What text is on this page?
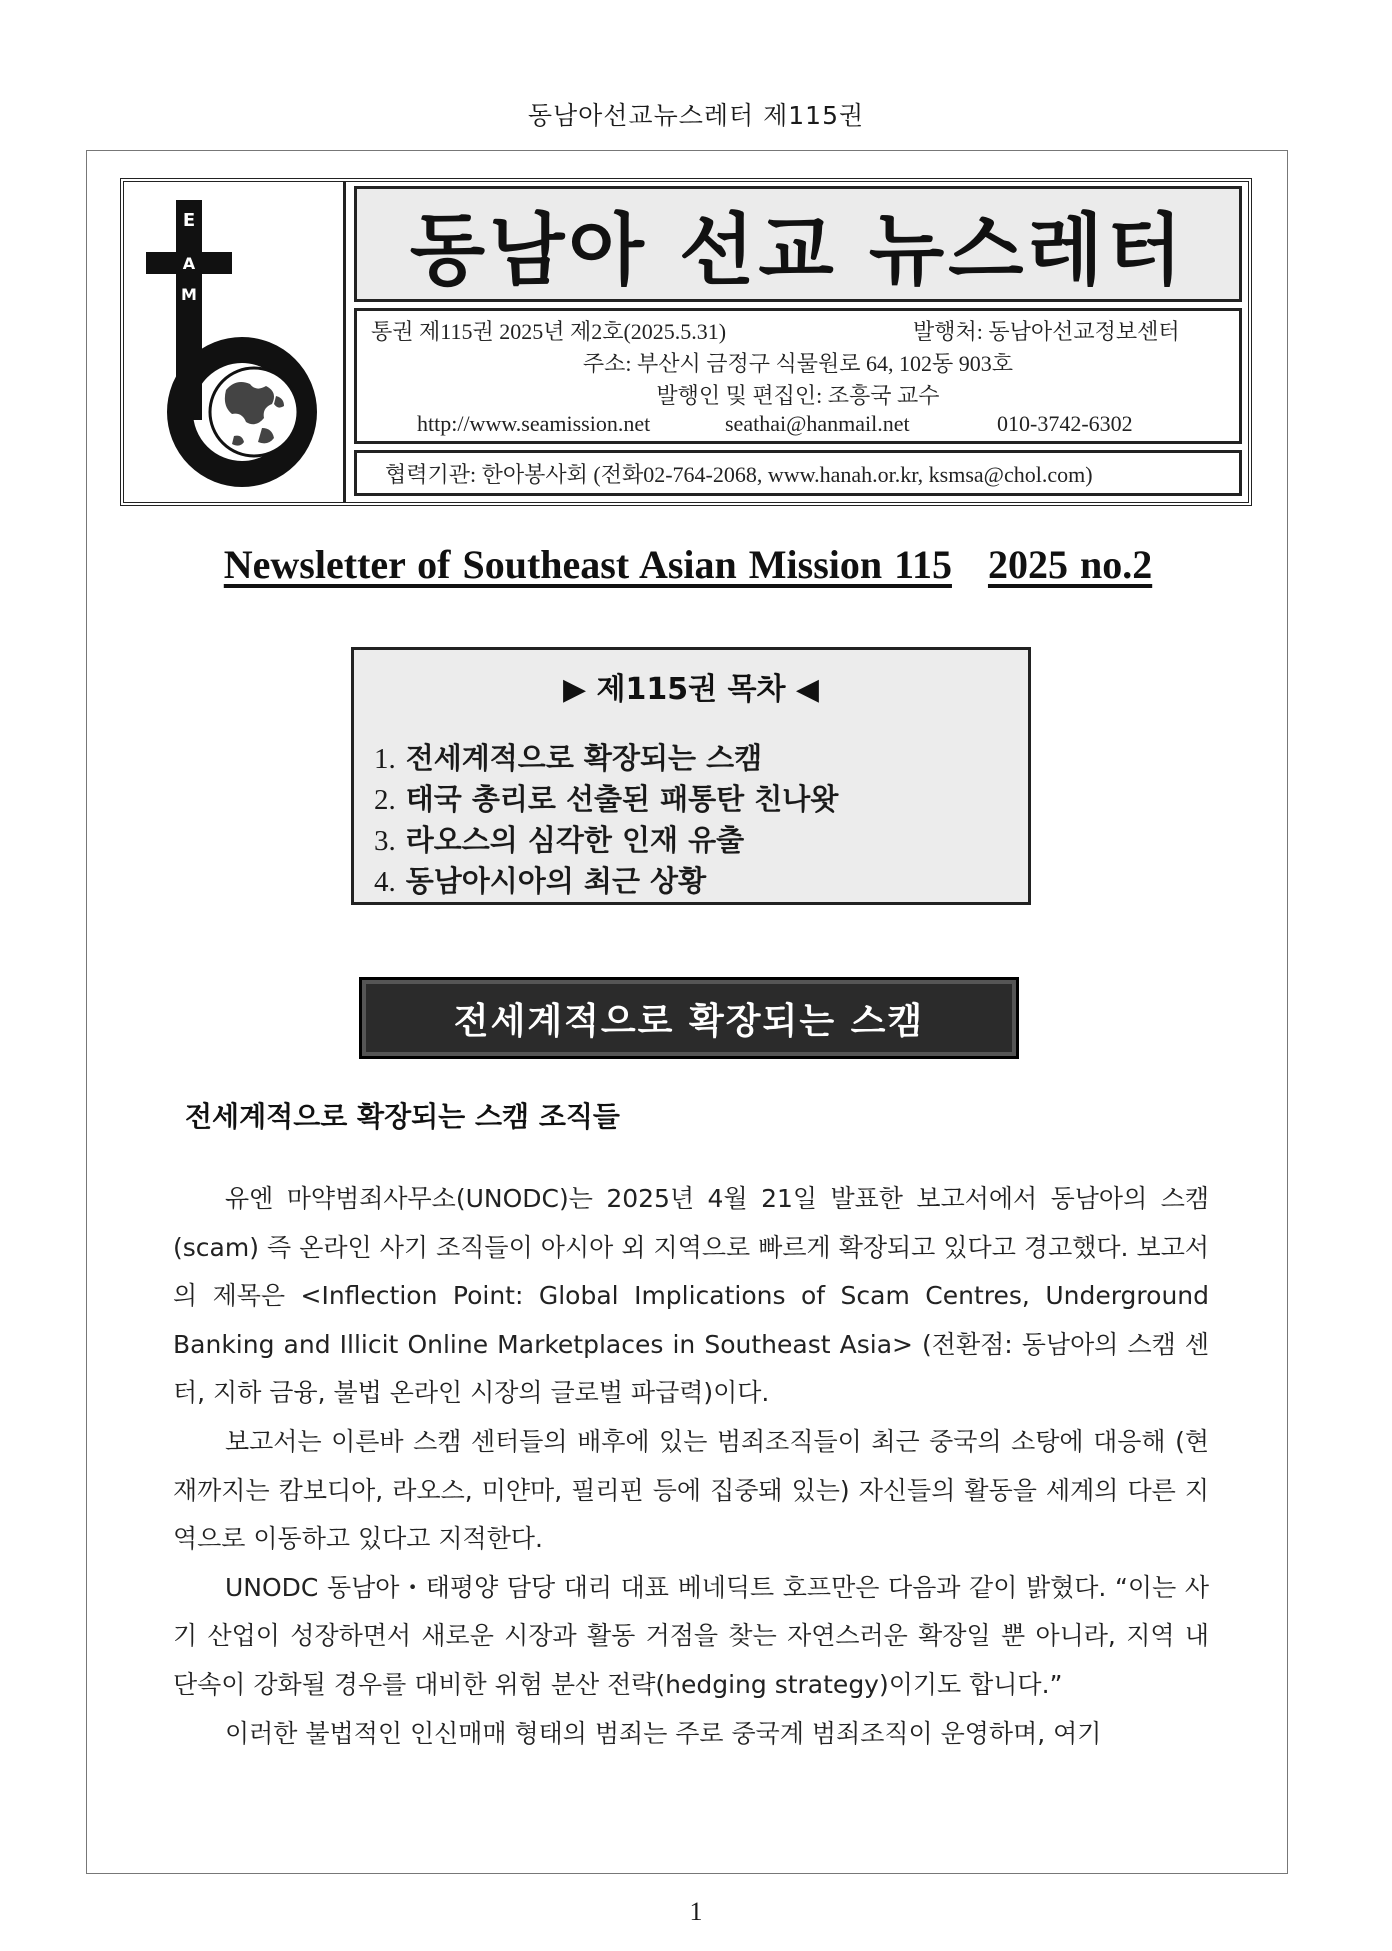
동남아선교뉴스레터 제115권
E
A
M	동남아 선교 뉴스레터
통권 제115권 2025년 제2호(2025.5.31)	발행처: 동남아선교정보센터
주소: 부산시 금정구 식물원로 64, 102동 903호
발행인 및 편집인: 조흥국 교수
http://www.seamission.net	seathai@hanmail.net	010-3742-6302
협력기관: 한아봉사회 (전화02-764-2068, www.hanah.or.kr, ksmsa@chol.com)
Newsletter of Southeast Asian Mission 115 2025 no.2
▶ 제115권 목차 ◀
1. 전세계적으로 확장되는 스캠
2. 태국 총리로 선출된 패통탄 친나왓
3. 라오스의 심각한 인재 유출
4. 동남아시아의 최근 상황
전세계적으로 확장되는 스캠
전세계적으로 확장되는 스캠 조직들

유엔 마약범죄사무소(UNODC)는 2025년 4월 21일 발표한 보고서에서 동남아의 스캠(scam) 즉 온라인 사기 조직들이 아시아 외 지역으로 빠르게 확장되고 있다고 경고했다. 보고서의 제목은 <Inflection Point: Global Implications of Scam Centres, Underground Banking and Illicit Online Marketplaces in Southeast Asia> (전환점: 동남아의 스캠 센터, 지하 금융, 불법 온라인 시장의 글로벌 파급력)이다.

보고서는 이른바 스캠 센터들의 배후에 있는 범죄조직들이 최근 중국의 소탕에 대응해 (현재까지는 캄보디아, 라오스, 미얀마, 필리핀 등에 집중돼 있는) 자신들의 활동을 세계의 다른 지역으로 이동하고 있다고 지적한다.

UNODC 동남아・태평양 담당 대리 대표 베네딕트 호프만은 다음과 같이 밝혔다. “이는 사기 산업이 성장하면서 새로운 시장과 활동 거점을 찾는 자연스러운 확장일 뿐 아니라, 지역 내 단속이 강화될 경우를 대비한 위험 분산 전략(hedging strategy)이기도 합니다.”

이러한 불법적인 인신매매 형태의 범죄는 주로 중국계 범죄조직이 운영하며, 여기

1
